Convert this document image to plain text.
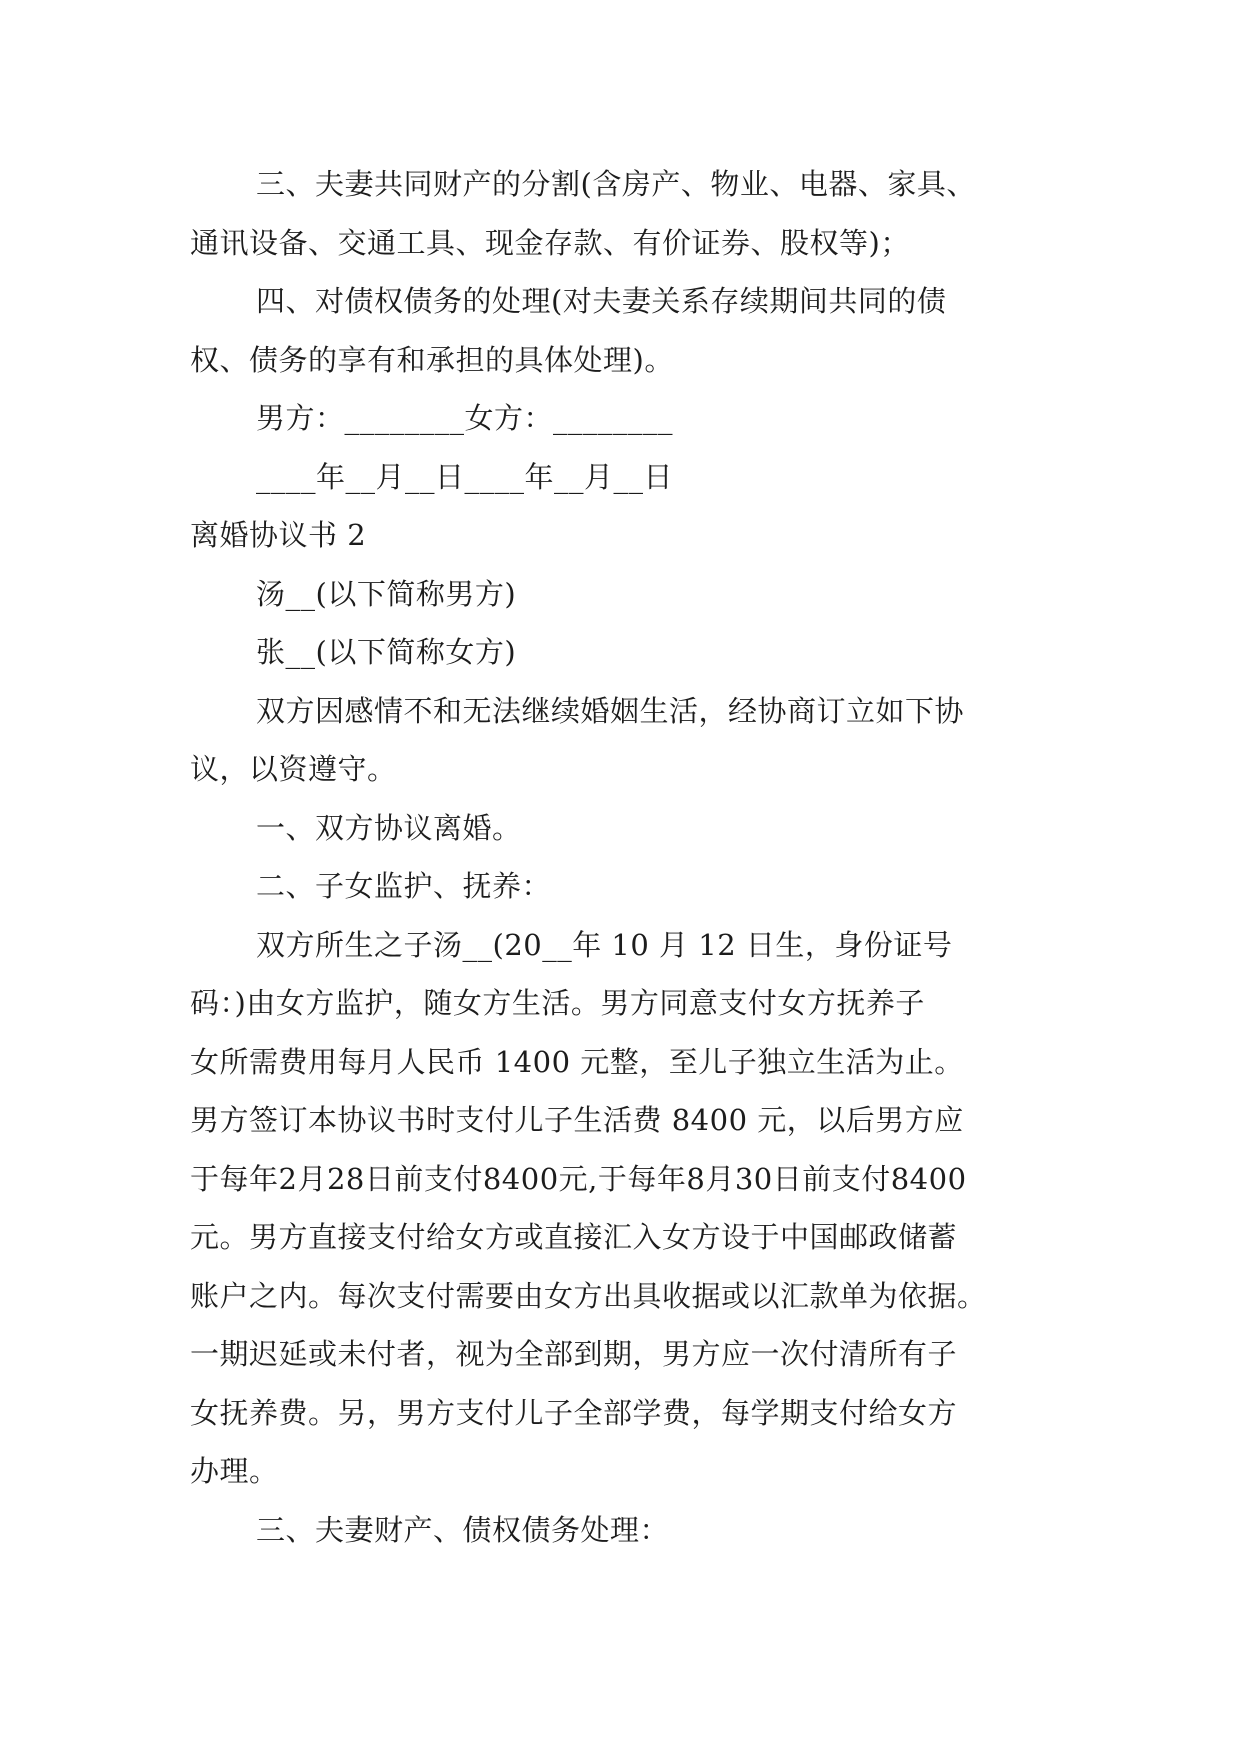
三、夫妻共同财产的分割(含房产、物业、电器、家具、

通讯设备、交通工具、现金存款、有价证券、股权等)；

四、对债权债务的处理(对夫妻关系存续期间共同的债

权、债务的享有和承担的具体处理)。

男方：________女方：________

____年__月__日____年__月__日

离婚协议书 2

汤__(以下简称男方)

张__(以下简称女方)

双方因感情不和无法继续婚姻生活，经协商订立如下协

议，以资遵守。

一、双方协议离婚。

二、子女监护、抚养：

双方所生之子汤__(20__年 10 月 12 日生，身份证号

码：)由女方监护，随女方生活。男方同意支付女方抚养子

女所需费用每月人民币 1400 元整，至儿子独立生活为止。

男方签订本协议书时支付儿子生活费 8400 元，以后男方应

于每年2月28日前支付8400元,于每年8月30日前支付8400

元。男方直接支付给女方或直接汇入女方设于中国邮政储蓄

账户之内。每次支付需要由女方出具收据或以汇款单为依据。

一期迟延或未付者，视为全部到期，男方应一次付清所有子

女抚养费。另，男方支付儿子全部学费，每学期支付给女方

办理。

三、夫妻财产、债权债务处理：
